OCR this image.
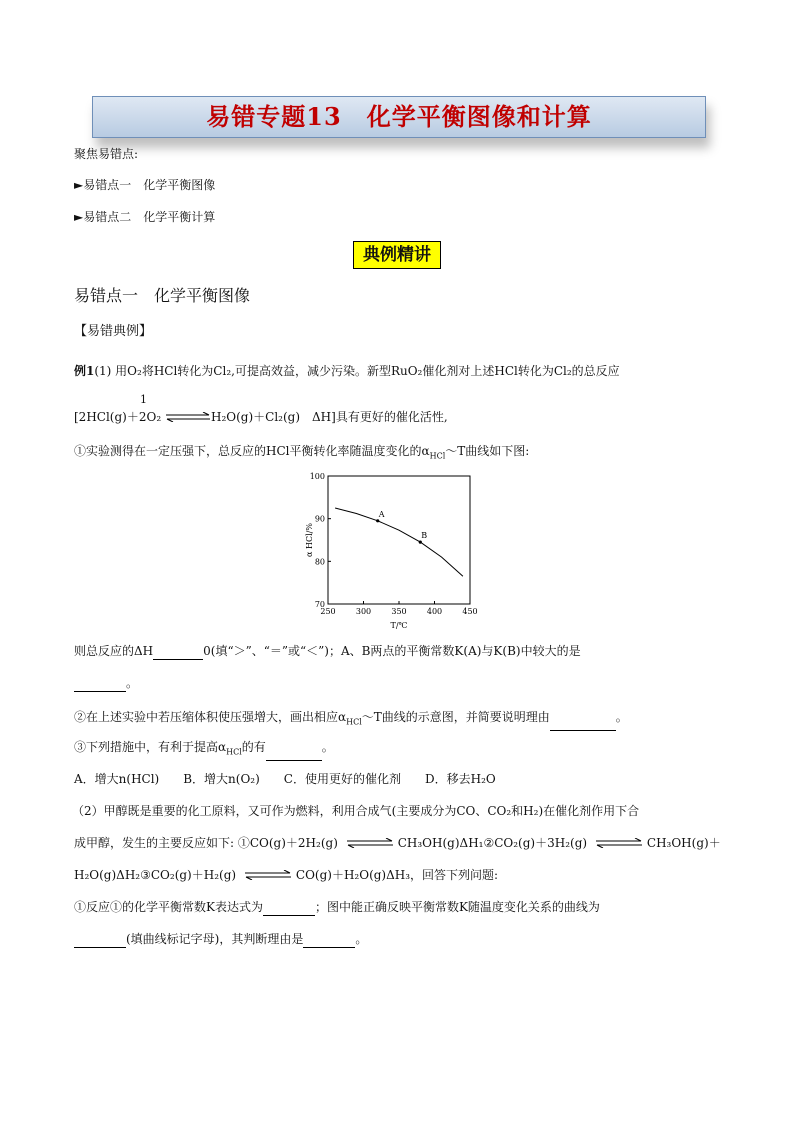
易错专题13　化学平衡图像和计算
聚焦易错点:
►易错点一　化学平衡图像
►易错点二　化学平衡计算
典例精讲
易错点一　化学平衡图像
【易错典例】
例1(1) 用O₂将HCl转化为Cl₂,可提高效益，减少污染。新型RuO₂催化剂对上述HCl转化为Cl₂的总反应
1
[2HCl(g)＋2O₂ ⇌H₂O(g)＋Cl₂(g)　ΔH]具有更好的催化活性,
①实验测得在一定压强下，总反应的HCl平衡转化率随温度变化的$\alpha_{HCl}\sim T$曲线如下图:
250	300	350	400	450
70
80
90
100
A
B
T/℃
α HCl/%
则总反应的ΔH	0(填“＞”、“＝”或“＜”)；A、B两点的平衡常数K(A)与K(B)中较大的是
。
②在上述实验中若压缩体积使压强增大，画出相应$\alpha_{HCl}\sim T$曲线的示意图，并简要说明理由	。
③下列措施中，有利于提高$\alpha_{HCl}$的有	。
A．增大n(HCl)　　B．增大n(O₂)　　C．使用更好的催化剂　　D．移去H₂O
（2）甲醇既是重要的化工原料，又可作为燃料，利用合成气(主要成分为CO、CO₂和H₂)在催化剂作用下合
成甲醇，发生的主要反应如下: ①CO(g)＋2H₂(g) ⇌ CH₃OH(g)ΔH₁②CO₂(g)＋3H₂(g) ⇌ CH₃OH(g)＋
H₂O(g)ΔH₂③CO₂(g)＋H₂(g) ⇌ CO(g)＋H₂O(g)ΔH₃，回答下列问题:
①反应①的化学平衡常数K表达式为	；图中能正确反映平衡常数K随温度变化关系的曲线为
(填曲线标记字母)，其判断理由是	。
